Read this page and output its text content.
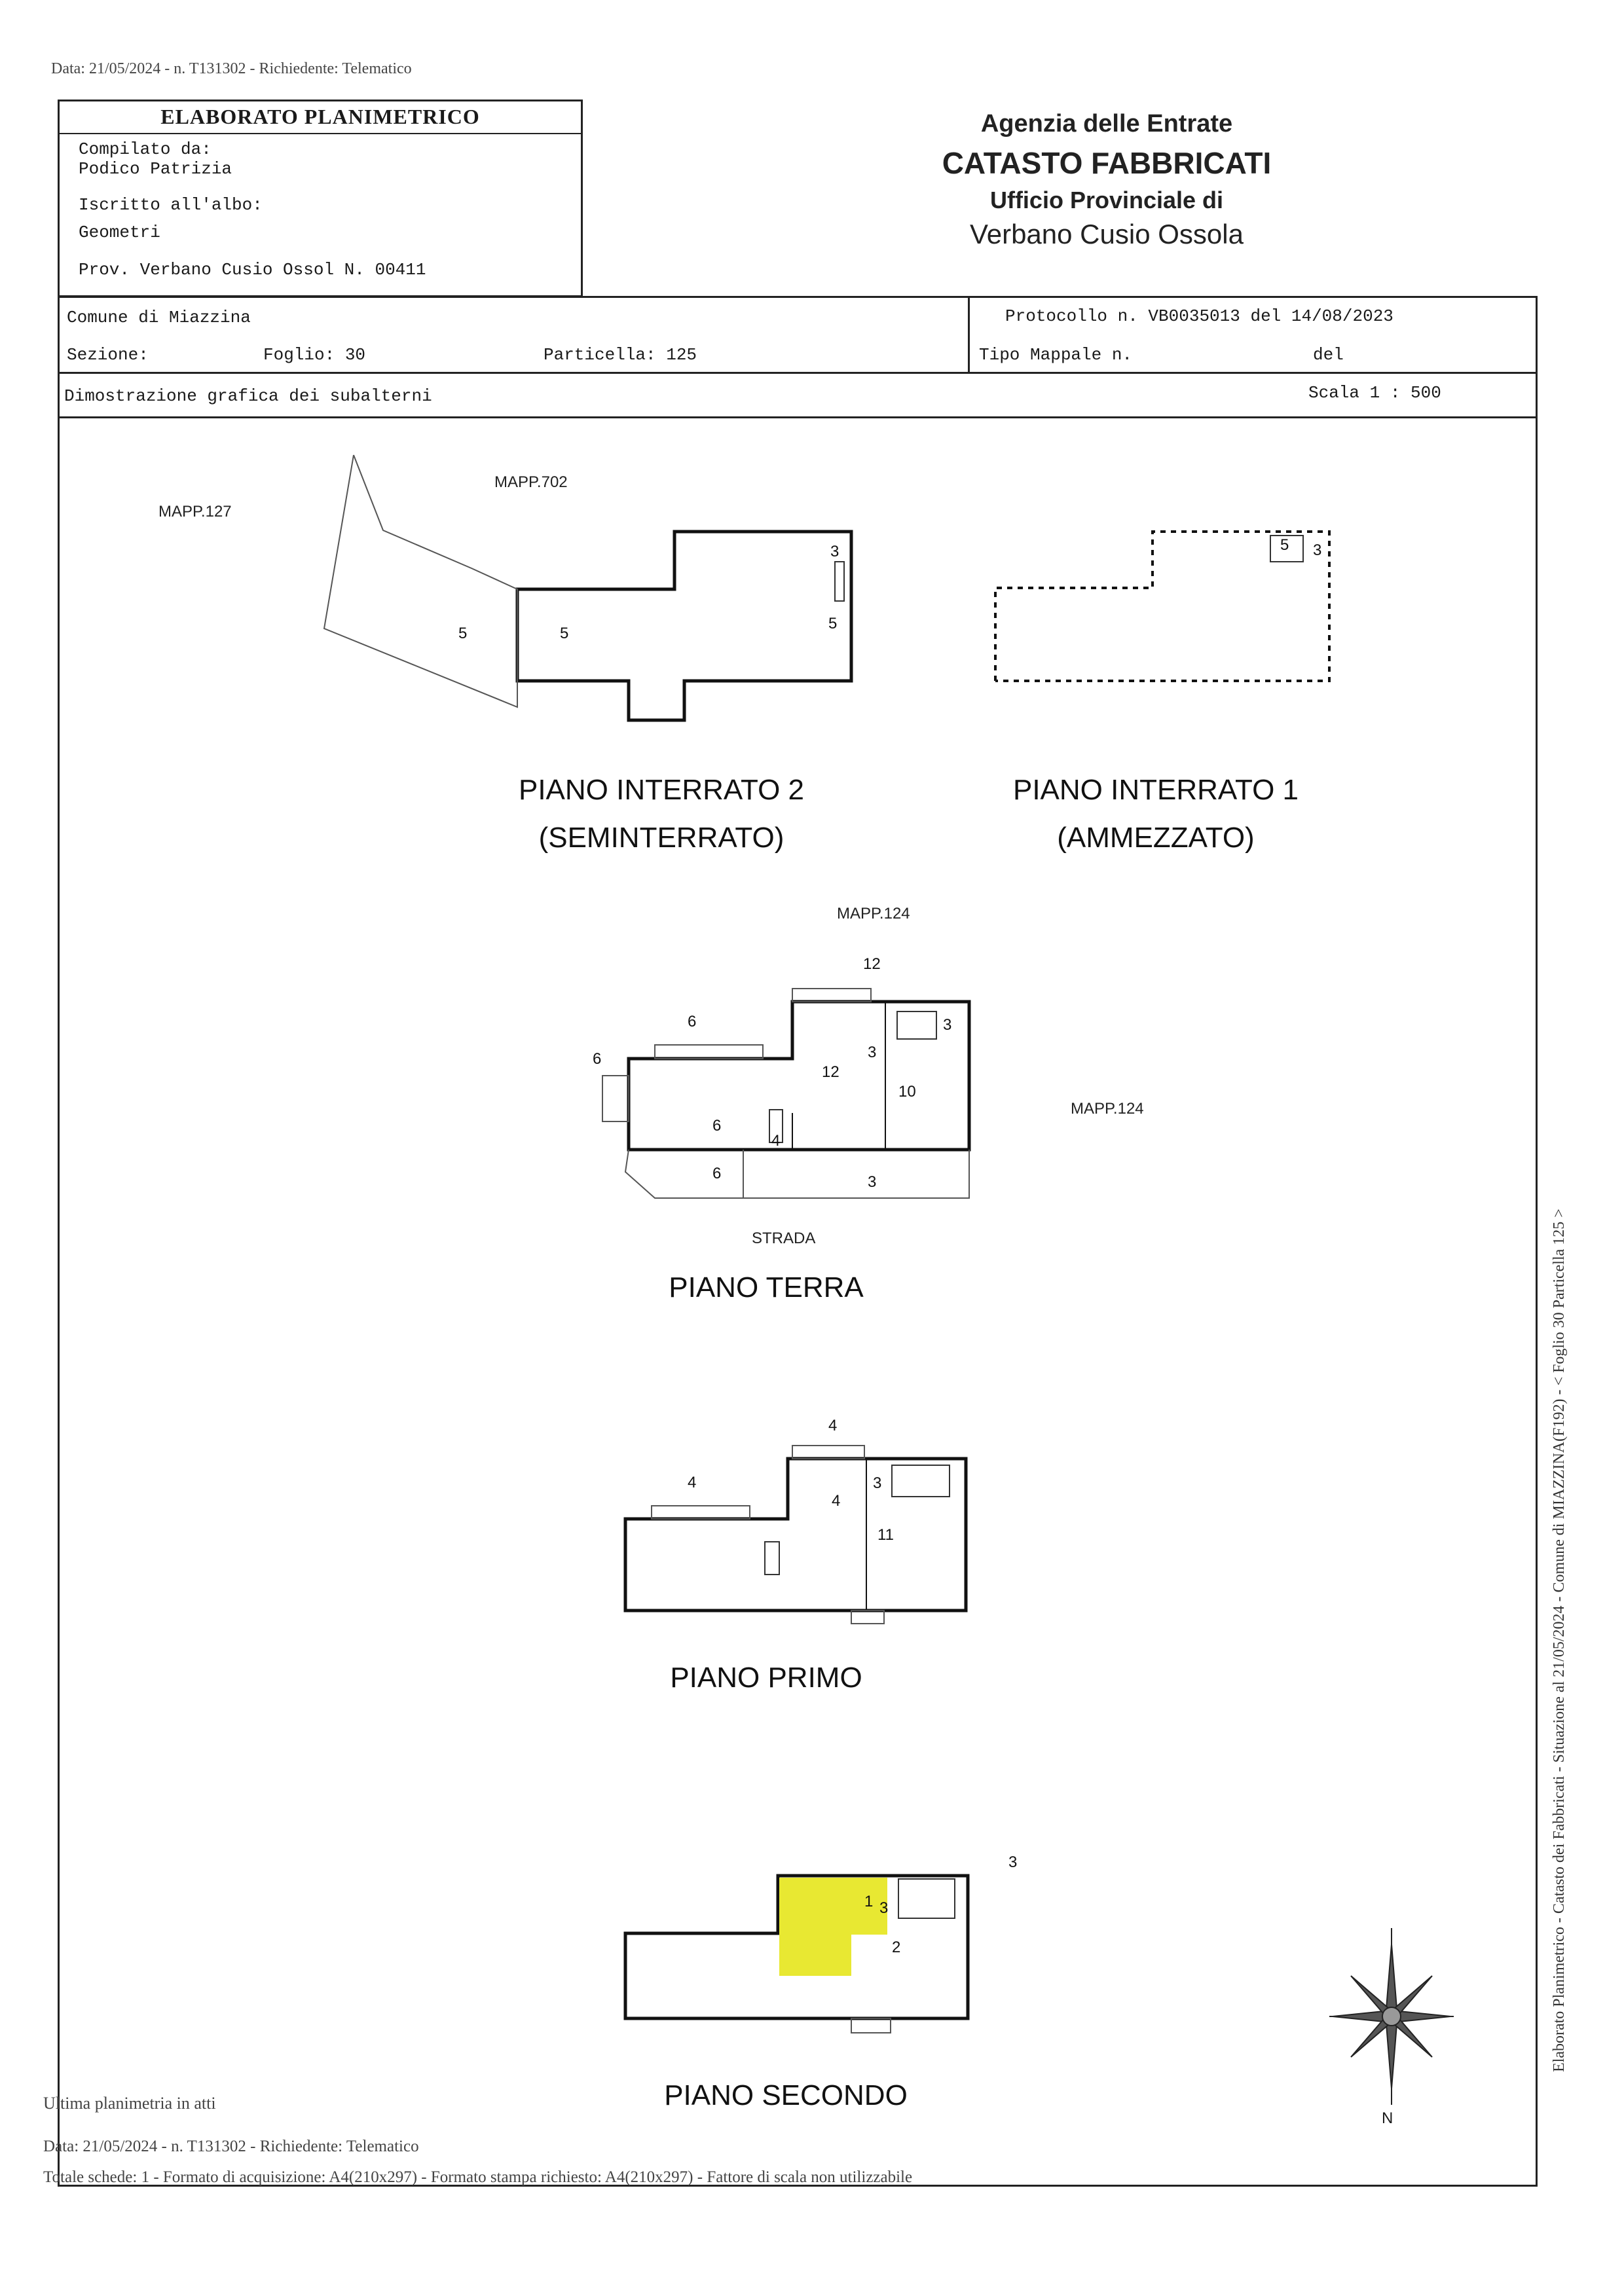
Data: 21/05/2024 - n. T131302 - Richiedente: Telematico
ELABORATO PLANIMETRICO
Compilato da:
Podico Patrizia
Iscritto all'albo:
Geometri
Prov. Verbano Cusio Ossol N. 00411
Agenzia delle Entrate
CATASTO FABBRICATI
Ufficio Provinciale di
Verbano Cusio Ossola
Comune di Miazzina
Sezione:	Foglio: 30	Particella: 125
Protocollo n. VB0035013 del 14/08/2023
Tipo Mappale n.	del
Dimostrazione grafica dei subalterni	Scala 1 : 500
5	5
5
3	5 3
12
6
6
12
3
3
10
6
4
6	3
4
4
4
3
11
3
1 3
2
MAPP.127
MAPP.702
MAPP.124
MAPP.124
STRADA
PIANO INTERRATO 2
(SEMINTERRATO)
PIANO INTERRATO 1
(AMMEZZATO)
PIANO TERRA
PIANO PRIMO
PIANO SECONDO
N
Ultima planimetria in atti
Data: 21/05/2024 - n. T131302 - Richiedente: Telematico
Totale schede: 1 - Formato di acquisizione: A4(210x297) - Formato stampa richiesto: A4(210x297) - Fattore di scala non utilizzabile
Elaborato Planimetrico - Catasto dei Fabbricati - Situazione al 21/05/2024 - Comune di MIAZZINA(F192) - < Foglio 30 Particella 125 >
